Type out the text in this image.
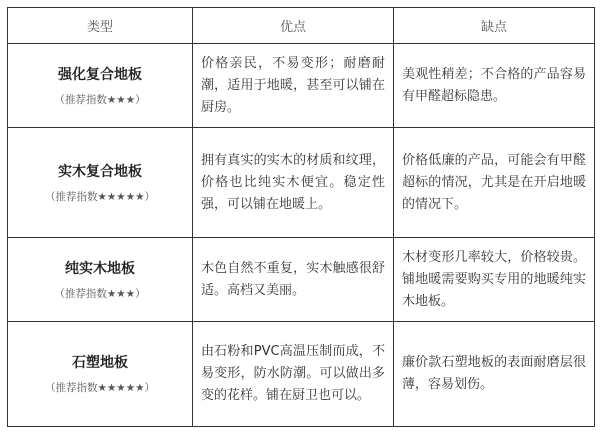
类型	优点	缺点

强化复合地板
（推荐指数★★★）	价格亲民，不易变形；耐磨耐潮，适用于地暖，甚至可以铺在厨房。	美观性稍差；不合格的产品容易有甲醛超标隐患。

实木复合地板
（推荐指数★★★★★）	拥有真实的实木的材质和纹理，价格也比纯实木便宜。稳定性强，可以铺在地暖上。	价格低廉的产品，可能会有甲醛超标的情况，尤其是在开启地暖的情况下。

纯实木地板
（推荐指数★★★）	木色自然不重复，实木触感很舒适。高档又美丽。	木材变形几率较大，价格较贵。铺地暖需要购买专用的地暖纯实木地板。

石塑地板
（推荐指数★★★★★）	由石粉和PVC高温压制而成，不易变形，防水防潮。可以做出多变的花样。铺在厨卫也可以。	廉价款石塑地板的表面耐磨层很薄，容易划伤。
